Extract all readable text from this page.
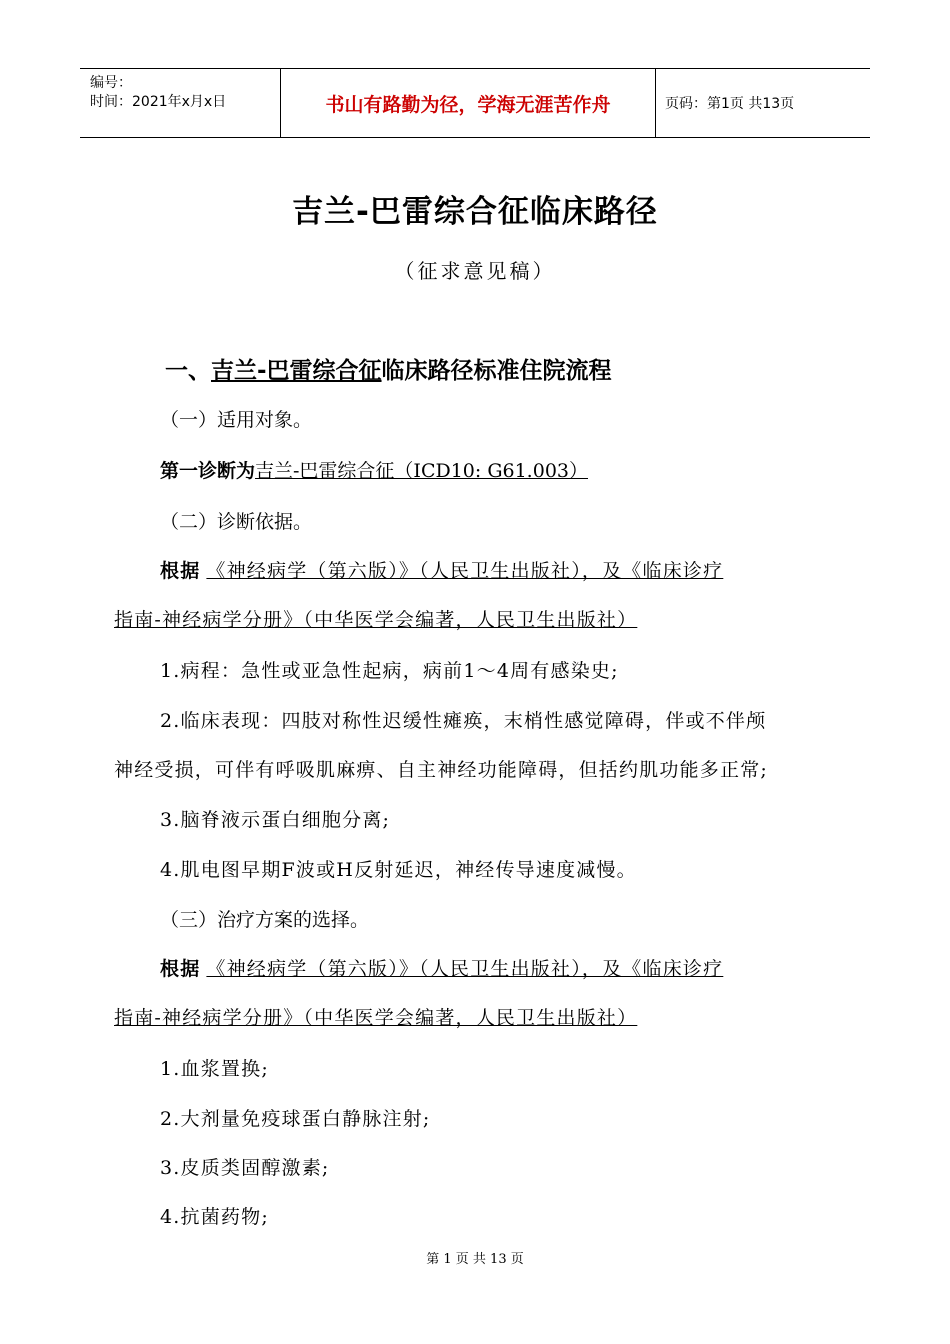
编号：
时间：2021年x月x日	书山有路勤为径，学海无涯苦作舟	页码：第1页 共13页
吉兰-巴雷综合征临床路径
（征求意见稿）
一、吉兰-巴雷综合征临床路径标准住院流程
（一）适用对象。
第一诊断为吉兰-巴雷综合征（ICD10: G61.003）
（二）诊断依据。
根据 《神经病学（第六版）》（人民卫生出版社），及《临床诊疗
指南-神经病学分册》（中华医学会编著，人民卫生出版社）
1.病程：急性或亚急性起病，病前1～4周有感染史;
2.临床表现：四肢对称性迟缓性瘫痪，末梢性感觉障碍，伴或不伴颅
神经受损，可伴有呼吸肌麻痹、自主神经功能障碍，但括约肌功能多正常;
3.脑脊液示蛋白细胞分离;
4.肌电图早期F波或H反射延迟，神经传导速度减慢。
（三）治疗方案的选择。
根据 《神经病学（第六版）》（人民卫生出版社），及《临床诊疗
指南-神经病学分册》（中华医学会编著，人民卫生出版社）
1.血浆置换;
2.大剂量免疫球蛋白静脉注射;
3.皮质类固醇激素;
4.抗菌药物;
第 1 页 共 13 页
